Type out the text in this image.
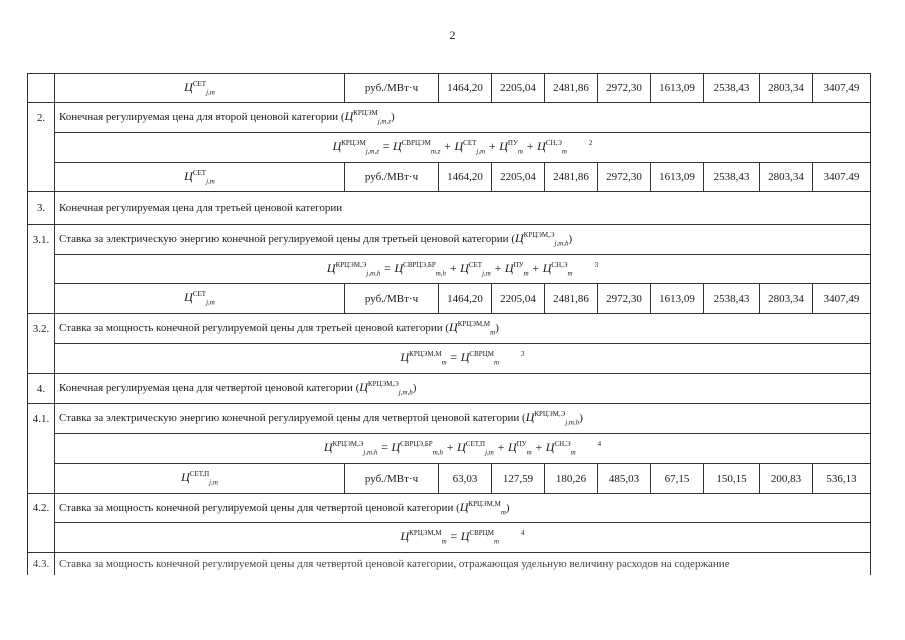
2
	$Ц^{СЕТ}_{j,m}$	руб./МВт·ч	1464,20	2205,04	2481,86	2972,30	1613,09	2538,43	2803,34	3407,49
2.	Конечная регулируемая цена для второй ценовой категории $(Ц^{КРЦЭМ}_{j,m,z})$									
	$Ц^{КРЦЭМ}_{j,m,z} = Ц^{СВРЦЭМ}_{m,z} + Ц^{СЕТ}_{j,m} + Ц^{ПУ}_m + Ц^{СН,Э}_m^2$
	$Ц^{СЕТ}_{j,m}$	руб./МВт·ч	1464,20	2205,04	2481,86	2972,30	1613,09	2538,43	2803,34	3407.49
3.	Конечная регулируемая цена для третьей ценовой категории									
3.1.	Ставка за электрическую энергию конечной регулируемой цены для третьей ценовой категории $(Ц^{КРЦЭМ,Э}_{j,m,h})$									
	$Ц^{КРЦЭМ,Э}_{j,m,h} = Ц^{СВРЦЭ,БР}_{m,h} + Ц^{СЕТ}_{j,m} + Ц^{ПУ}_m + Ц^{СН,Э}_m^3$
	$Ц^{СЕТ}_{j,m}$	руб./МВт·ч	1464,20	2205,04	2481,86	2972,30	1613,09	2538,43	2803,34	3407,49
3.2.	Ставка за мощность конечной регулируемой цены для третьей ценовой категории $(Ц^{КРЦЭМ,М}_m)$									
	$Ц^{КРЦЭМ,М}_m = Ц^{СВРЦМ}_m^3$
4.	Конечная регулируемая цена для четвертой ценовой категории $(Ц^{КРЦЭМ,Э}_{j,m,h})$									
4.1.	Ставка за электрическую энергию конечной регулируемой цены для четвертой ценовой категории $(Ц^{КРЦЭМ,Э}_{j,m,h})$									
	$Ц^{КРЦЭМ,Э}_{j,m,h} = Ц^{СВРЦЭ,БР}_{m,h} + Ц^{СЕТ,П}_{j,m} + Ц^{ПУ}_m + Ц^{СН,Э}_m^4$
	$Ц^{СЕТ,П}_{j,m}$	руб./МВт·ч	63,03	127,59	180,26	485,03	67,15	150,15	200,83	536,13
4.2.	Ставка за мощность конечной регулируемой цены для четвертой ценовой категории $(Ц^{КРЦЭМ,М}_m)$									
	$Ц^{КРЦЭМ,М}_m = Ц^{СВРЦМ}_m^4$
4.3.	Ставка за мощность конечной регулируемой цены для четвертой ценовой категории, отражающая удельную величину расходов на содержание									
